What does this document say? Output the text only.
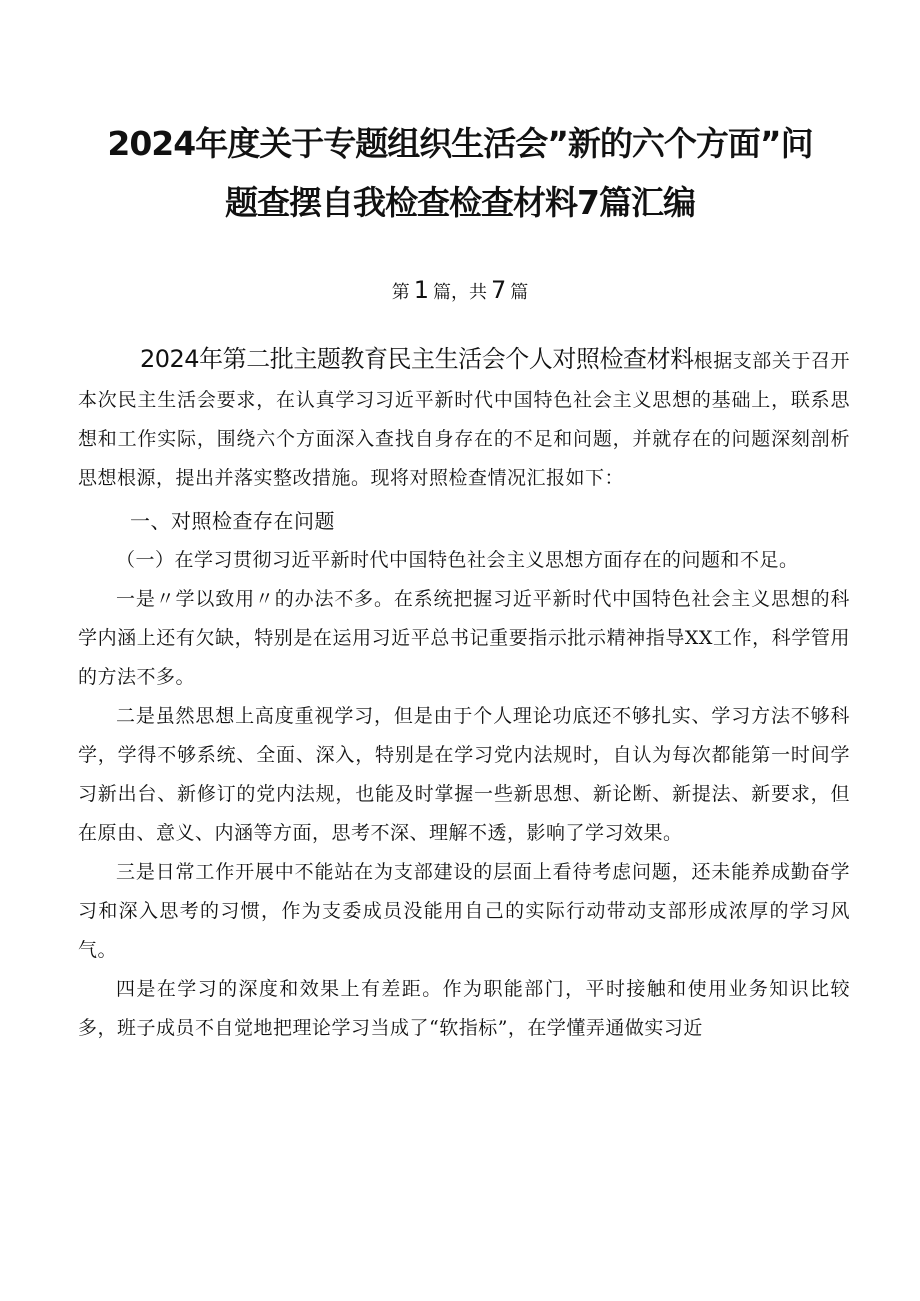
2024年度关于专题组织生活会”新的六个方面”问
题查摆自我检查检查材料7篇汇编
第 1 篇，共 7 篇

2024年第二批主题教育民主生活会个人对照检查材料根据支部关于召开本次民主生活会要求，在认真学习习近平新时代中国特色社会主义思想的基础上，联系思想和工作实际，围绕六个方面深入查找自身存在的不足和问题，并就存在的问题深刻剖析思想根源，提出并落实整改措施。现将对照检查情况汇报如下：

一、对照检查存在问题

（一）在学习贯彻习近平新时代中国特色社会主义思想方面存在的问题和不足。

一是〃学以致用〃的办法不多。在系统把握习近平新时代中国特色社会主义思想的科学内涵上还有欠缺，特别是在运用习近平总书记重要指示批示精神指导XX工作，科学管用的方法不多。

二是虽然思想上高度重视学习，但是由于个人理论功底还不够扎实、学习方法不够科学，学得不够系统、全面、深入，特别是在学习党内法规时，自认为每次都能第一时间学习新出台、新修订的党内法规，也能及时掌握一些新思想、新论断、新提法、新要求，但在原由、意义、内涵等方面，思考不深、理解不透，影响了学习效果。

三是日常工作开展中不能站在为支部建设的层面上看待考虑问题，还未能养成勤奋学习和深入思考的习惯，作为支委成员没能用自己的实际行动带动支部形成浓厚的学习风气。

四是在学习的深度和效果上有差距。作为职能部门，平时接触和使用业务知识比较多，班子成员不自觉地把理论学习当成了“软指标”，在学懂弄通做实习近
